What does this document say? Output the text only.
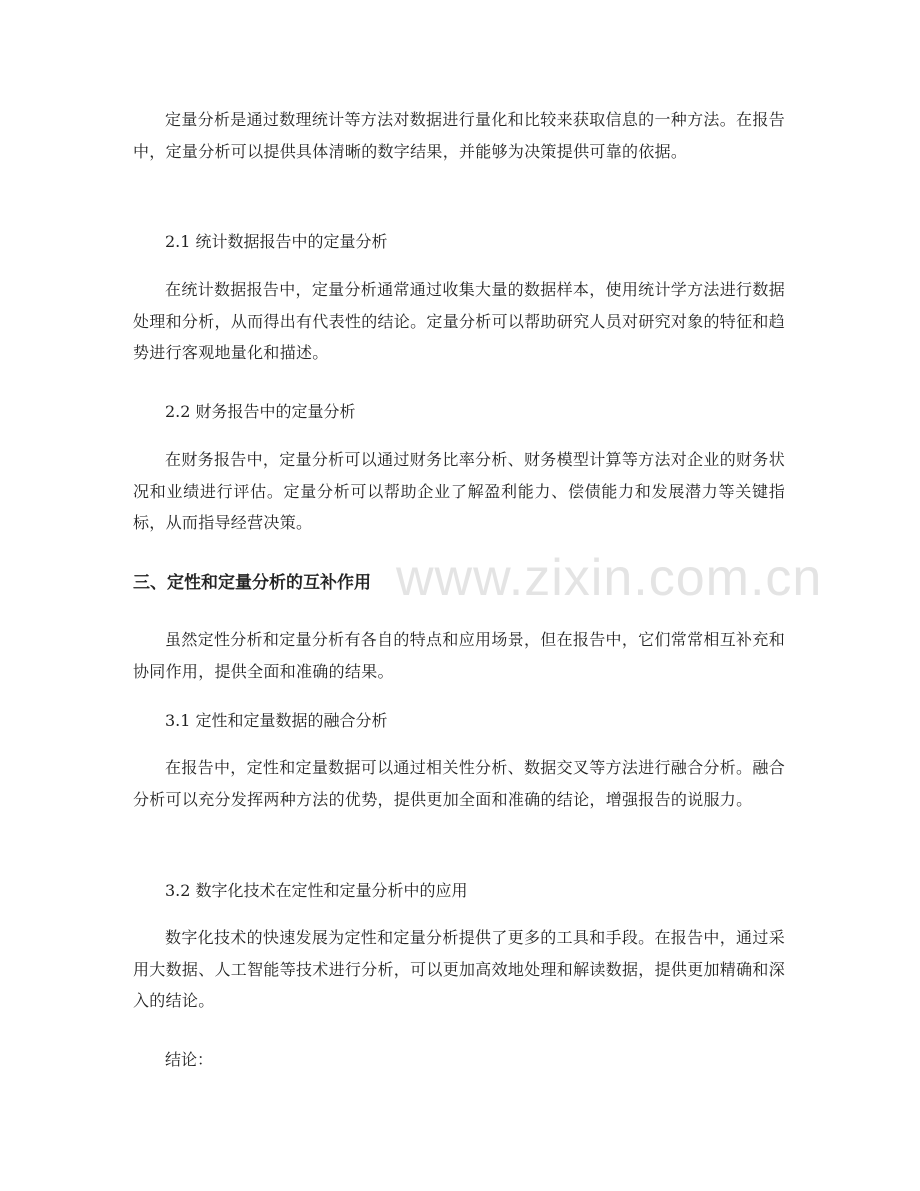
www.zixin.com.cn

定量分析是通过数理统计等方法对数据进行量化和比较来获取信息的一种方法。在报告中，定量分析可以提供具体清晰的数字结果，并能够为决策提供可靠的依据。

2.1 统计数据报告中的定量分析

在统计数据报告中，定量分析通常通过收集大量的数据样本，使用统计学方法进行数据处理和分析，从而得出有代表性的结论。定量分析可以帮助研究人员对研究对象的特征和趋势进行客观地量化和描述。

2.2 财务报告中的定量分析

在财务报告中，定量分析可以通过财务比率分析、财务模型计算等方法对企业的财务状况和业绩进行评估。定量分析可以帮助企业了解盈利能力、偿债能力和发展潜力等关键指标，从而指导经营决策。

三、定性和定量分析的互补作用

虽然定性分析和定量分析有各自的特点和应用场景，但在报告中，它们常常相互补充和协同作用，提供全面和准确的结果。

3.1 定性和定量数据的融合分析

在报告中，定性和定量数据可以通过相关性分析、数据交叉等方法进行融合分析。融合分析可以充分发挥两种方法的优势，提供更加全面和准确的结论，增强报告的说服力。

3.2 数字化技术在定性和定量分析中的应用

数字化技术的快速发展为定性和定量分析提供了更多的工具和手段。在报告中，通过采用大数据、人工智能等技术进行分析，可以更加高效地处理和解读数据，提供更加精确和深入的结论。

结论：
